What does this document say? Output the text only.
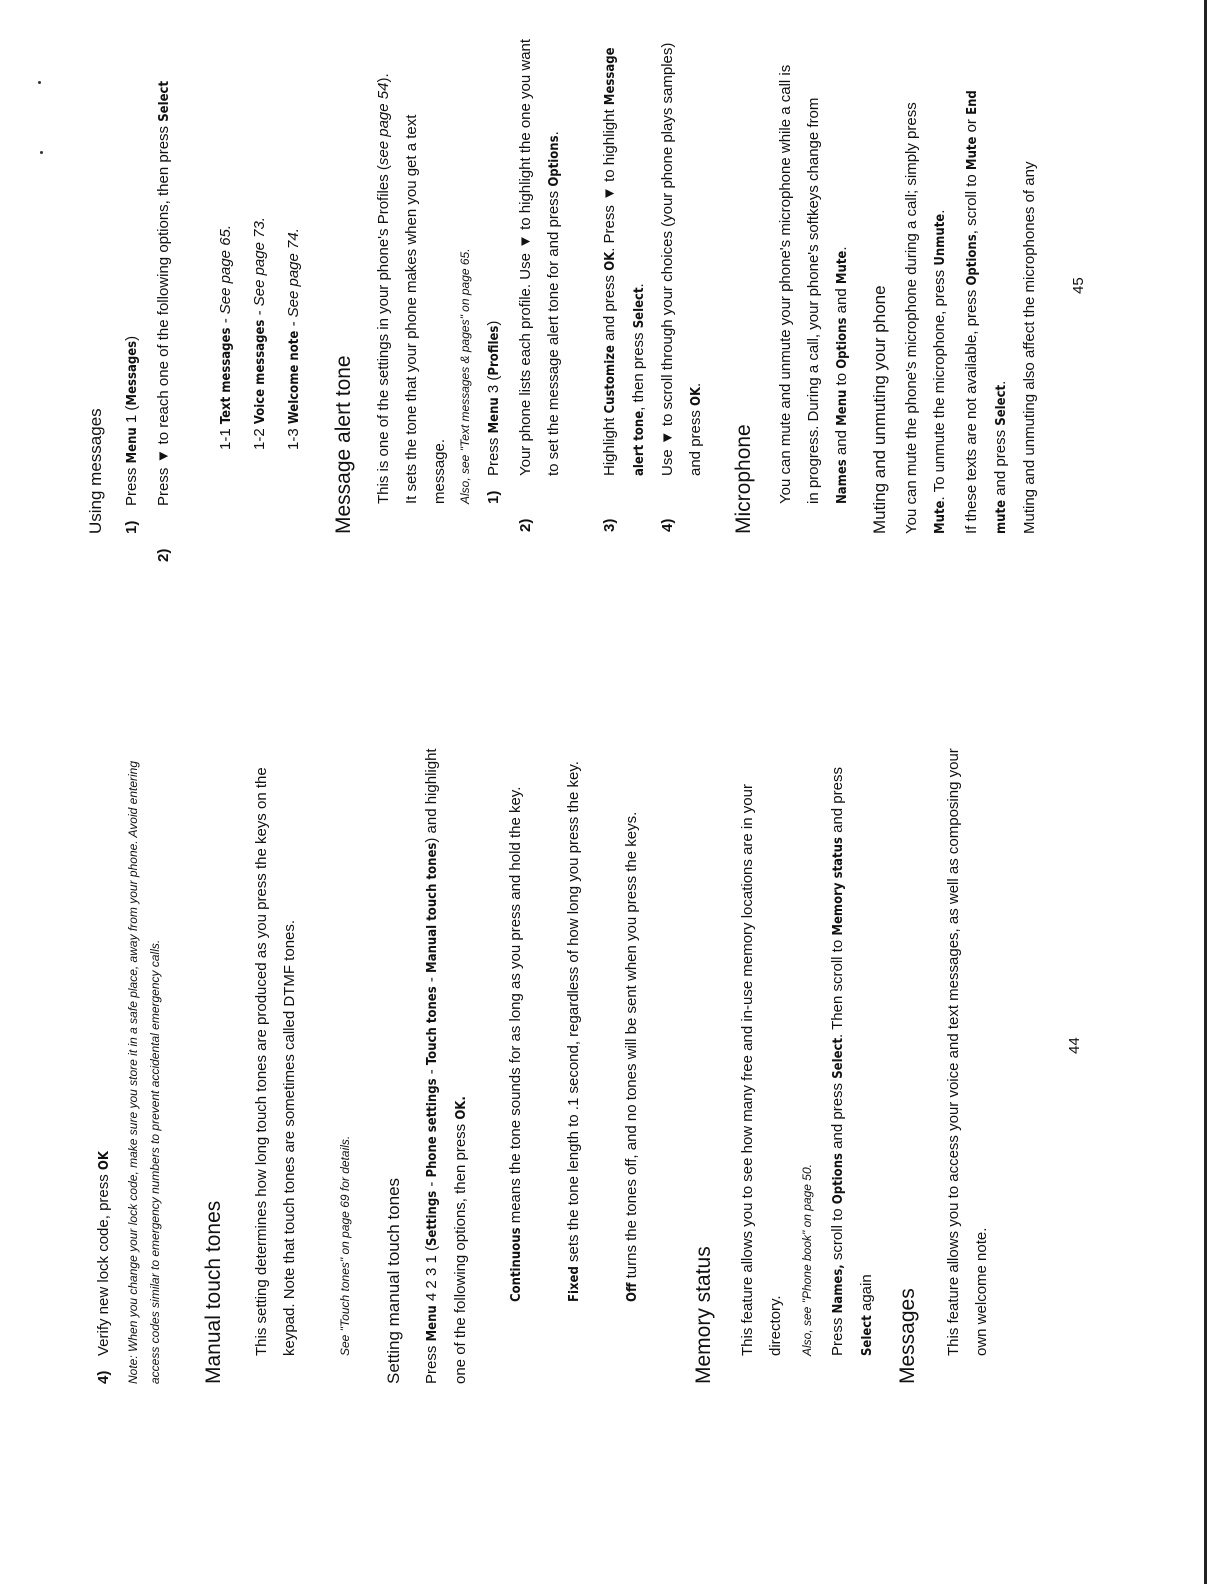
4)Verify new lock code, press OK	Note: When you change your lock code, make sure you store it in a safe place, away from your phone. Avoid entering access codes similar to emergency numbers to prevent accidental emergency calls. Manual touch tones	This setting determines how long touch tones are produced as you press the keys on the keypad. Note that touch tones are sometimes called DTMF tones.	See "Touch tones" on page 69 for details. Setting manual touch tones	Press Menu 4 2 3 1 (Settings - Phone settings - Touch tones - Manual touch tones) and highlight one of the following options, then press OK.
Continuous means the tone sounds for as long as you press and hold the key.
Fixed sets the tone length to .1 second, regardless of how long you press the key.
Off turns the tones off, and no tones will be sent when you press the keys.
Memory status	This feature allows you to see how many free and in-use memory locations are in your directory.	Also, see "Phone book" on page 50.	Press Names, scroll to Options and press Select. Then scroll to Memory status and press Select again	Messages	This feature allows you to access your voice and text messages, as well as composing your own welcome note.
44
Using messages	1)Press Menu 1 (Messages)
2)Press ▼ to reach one of the following options, then press Select
1-1 Text messages - See page 65.
1-2 Voice messages - See page 73.
1-3 Welcome note - See page 74.
Message alert tone	This is one of the settings in your phone's Profiles (see page 54). It sets the tone that your phone makes when you get a text message. Also, see "Text messages & pages" on page 65. 1)Press Menu 3 (Profiles)
2)Your phone lists each profile. Use ▼ to highlight the one you want to set the message alert tone for and press Options.
3)Highlight Customize and press OK. Press ▼ to highlight Message alert tone, then press Select.
4)Use ▼ to scroll through your choices (your phone plays samples) and press OK.
Microphone	You can mute and unmute your phone's microphone while a call is in progress. During a call, your phone's softkeys change from Names and Menu to Options and Mute.
Muting and unmuting your phone You can mute the phone's microphone during a call; simply press Mute. To unmute the microphone, press Unmute.
If these texts are not available, press Options, scroll to Mute or End mute and press Select. Muting and unmuting also affect the microphones of any	45
